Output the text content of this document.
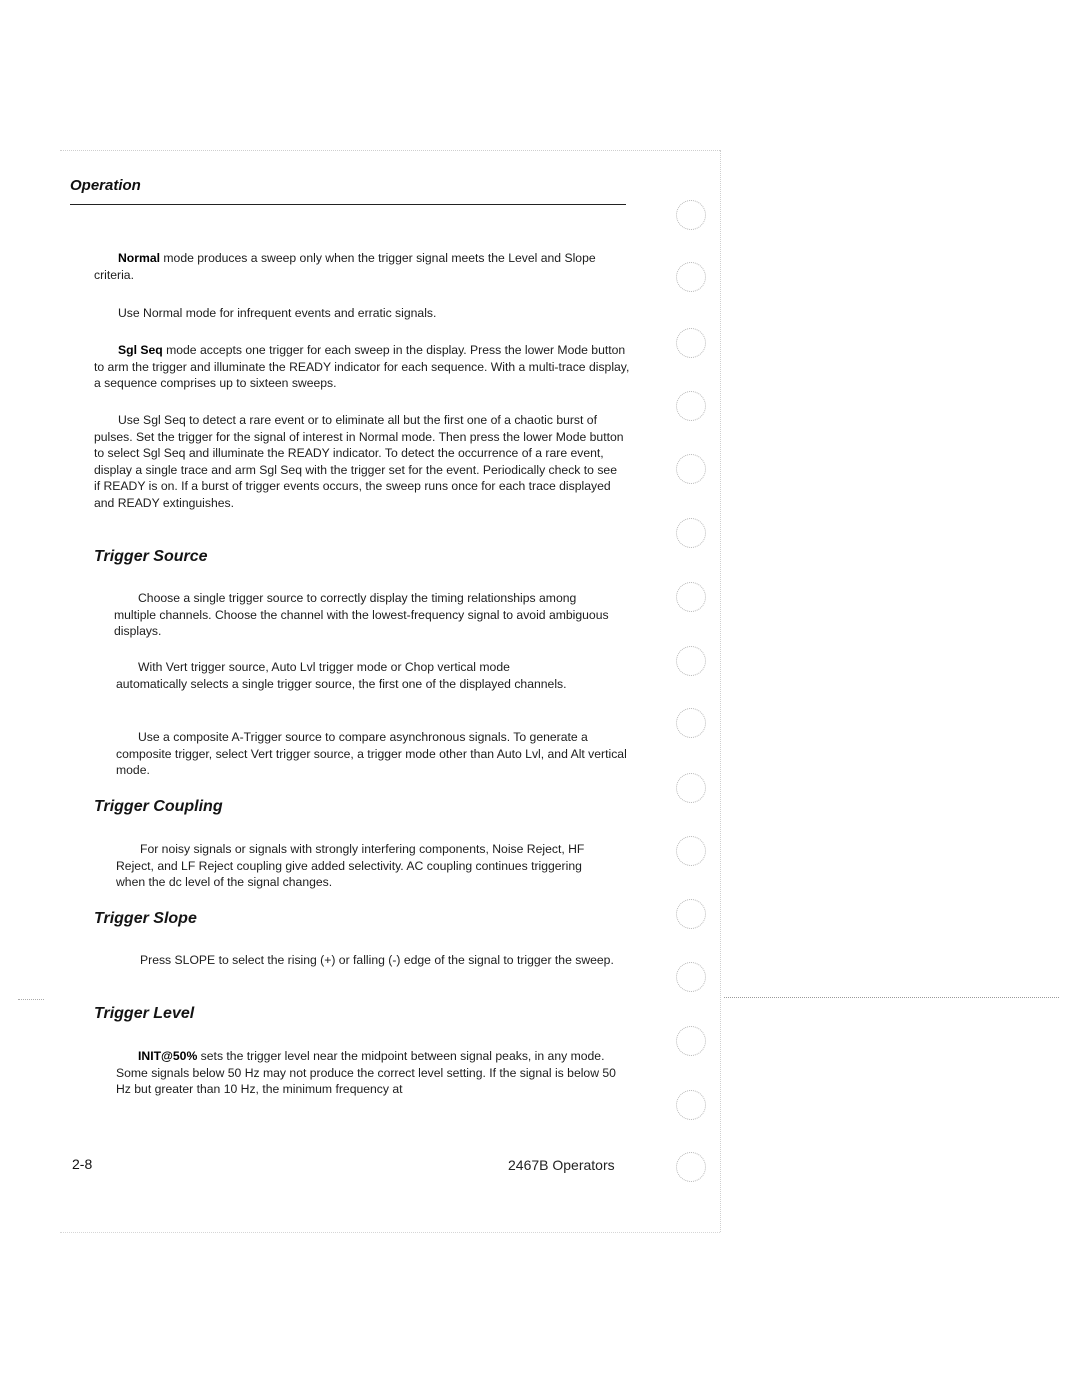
Operation

Normal mode produces a sweep only when the trigger signal meets the Level and Slope criteria.

Use Normal mode for infrequent events and erratic signals.

Sgl Seq mode accepts one trigger for each sweep in the display. Press the lower Mode button to arm the trigger and illuminate the READY indicator for each sequence. With a multi-trace display, a sequence comprises up to sixteen sweeps.

Use Sgl Seq to detect a rare event or to eliminate all but the first one of a chaotic burst of pulses. Set the trigger for the signal of interest in Normal mode. Then press the lower Mode button to select Sgl Seq and illuminate the READY indicator. To detect the occurrence of a rare event, display a single trace and arm Sgl Seq with the trigger set for the event. Periodically check to see if READY is on. If a burst of trigger events occurs, the sweep runs once for each trace displayed and READY extinguishes.

Trigger Source

Choose a single trigger source to correctly display the timing relationships among multiple channels. Choose the channel with the lowest-frequency signal to avoid ambiguous displays.

With Vert trigger source, Auto Lvl trigger mode or Chop vertical mode automatically selects a single trigger source, the first one of the displayed channels.

Use a composite A-Trigger source to compare asynchronous signals. To generate a composite trigger, select Vert trigger source, a trigger mode other than Auto Lvl, and Alt vertical mode.

Trigger Coupling

For noisy signals or signals with strongly interfering components, Noise Reject, HF Reject, and LF Reject coupling give added selectivity. AC coupling continues triggering when the dc level of the signal changes.

Trigger Slope

Press SLOPE to select the rising (+) or falling (-) edge of the signal to trigger the sweep.

Trigger Level

INIT@50% sets the trigger level near the midpoint between signal peaks, in any mode. Some signals below 50 Hz may not produce the correct level setting. If the signal is below 50 Hz but greater than 10 Hz, the minimum frequency at

2-8	2467B Operators
